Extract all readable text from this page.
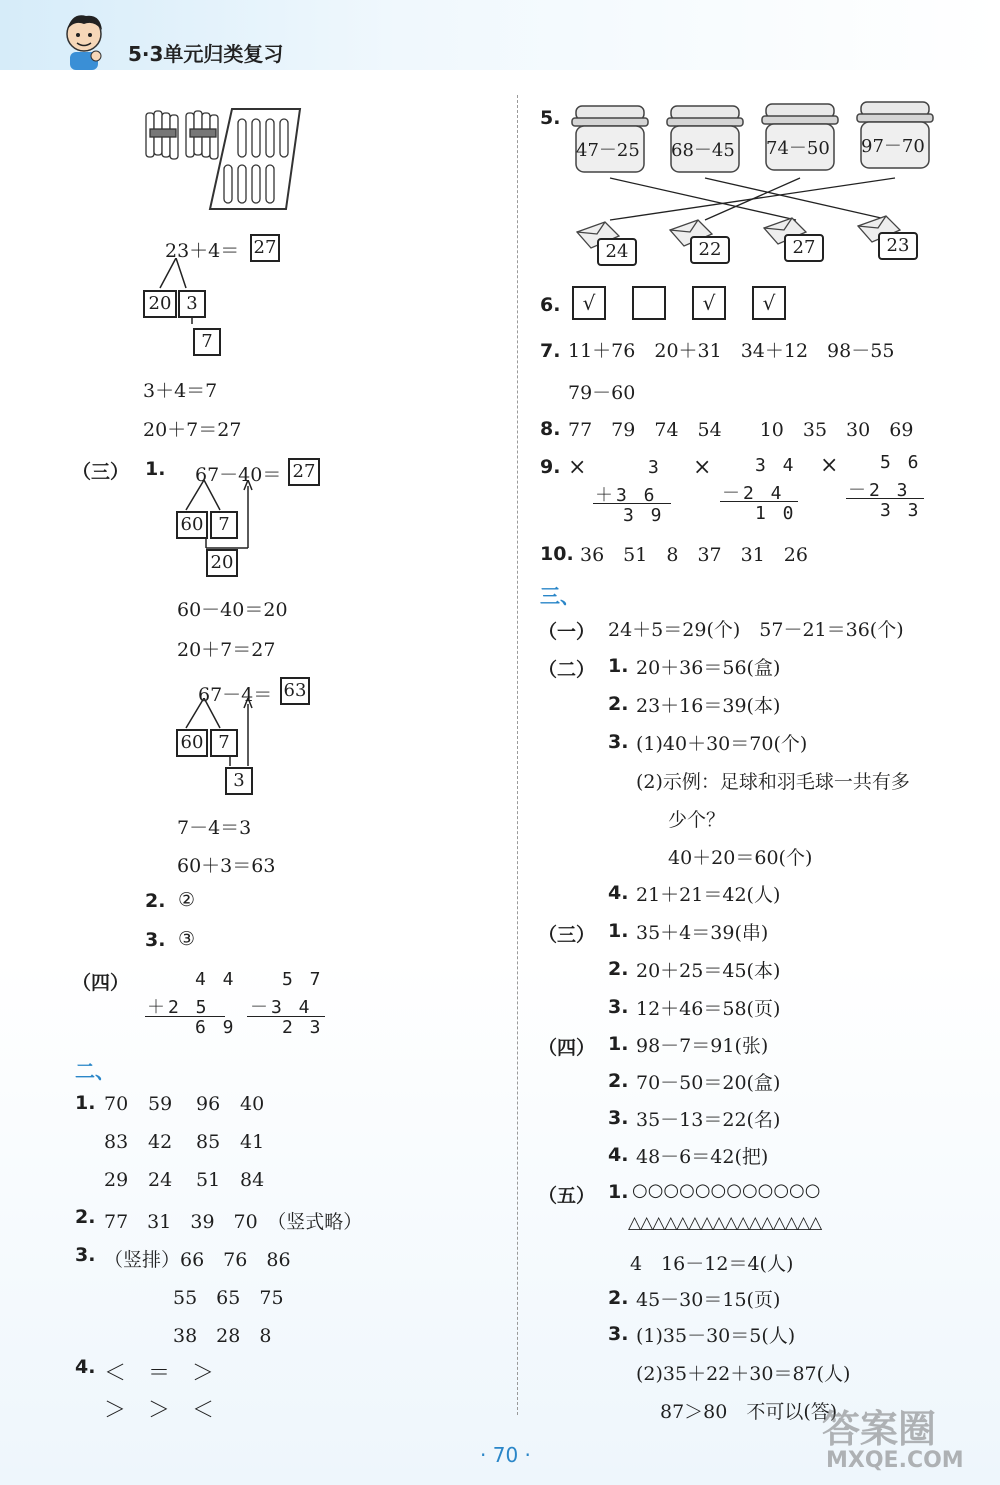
5·3单元归类复习
23＋4＝ 27
20 3
7
3＋4＝7
20＋7＝27
（三） 1. 67－40＝ 27
60 7
20
60－40＝20
20＋7＝27
67－4＝ 63
60 7
3
7－4＝3
60＋3＝63
2. ②
3. ③
（四）	4 4
＋2 5
6 9
5 7
－3 4
2 3
二、
1. 70 59 96 40
83 42 85 41
29 24 51 84
2. 77　31　39　70　（竖式略）
3. （竖排）66　76　86
55　65　75
38　28　8
4. ＜　＝　＞
＞　＞　＜
5.
47－25 68－45 74－50 97－70
24	22	27	23
6.	√	√	√
7. 11＋76　20＋31　34＋12　98－55
79－60
8. 77　79　74　54　　10　35　30　69
9. ×	3
＋3 6
3 9
× 3 4
－2 4
1 0
× 5 6
－2 3
3 3
10. 36　51　8　37　31　26
三、
（一） 24＋5＝29(个)　57－21＝36(个)
（二） 1. 20＋36＝56(盒)
2. 23＋16＝39(本)
3. (1)40＋30＝70(个)
(2)示例：足球和羽毛球一共有多
少个？
40＋20＝60(个)
4. 21＋21＝42(人)
（三） 1. 35＋4＝39(串)
2. 20＋25＝45(本)
3. 12＋46＝58(页)
（四） 1. 98－7＝91(张)
2. 70－50＝20(盒)
3. 35－13＝22(名)
4. 48－6＝42(把)
（五） 1. ○○○○○○○○○○○○
△△△△△△△△△△△△△△△△
4　16－12＝4(人)
2. 45－30＝15(页)
3. (1)35－30＝5(人)
(2)35＋22＋30＝87(人)
87＞80　不可以(答)
· 70 ·
答案圈
MXQE.COM
